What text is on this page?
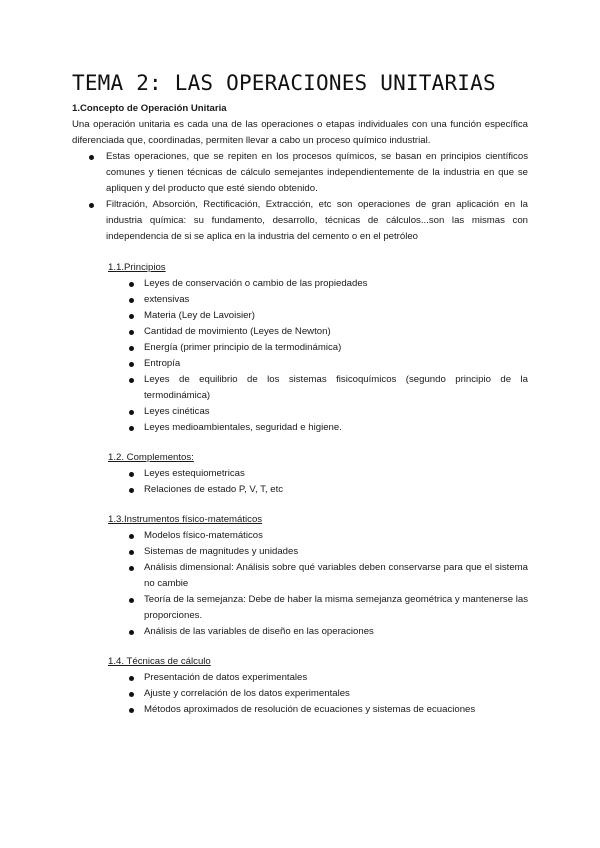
TEMA 2: LAS OPERACIONES UNITARIAS

1.Concepto de Operación Unitaria

Una operación unitaria es cada una de las operaciones o etapas individuales con una función específica diferenciada que, coordinadas, permiten llevar a cabo un proceso químico industrial.

Estas operaciones, que se repiten en los procesos químicos, se basan en principios científicos comunes y tienen técnicas de cálculo semejantes independientemente de la industria en que se apliquen y del producto que esté siendo obtenido.
Filtración, Absorción, Rectificación, Extracción, etc son operaciones de gran aplicación en la industria química: su fundamento, desarrollo, técnicas de cálculos...son las mismas con independencia de si se aplica en la industria del cemento o en el petróleo

1.1.Principios

Leyes de conservación o cambio de las propiedades
extensivas
Materia (Ley de Lavoisier)
Cantidad de movimiento (Leyes de Newton)
Energía (primer principio de la termodinámica)
Entropía
Leyes de equilibrio de los sistemas fisicoquímicos (segundo principio de la termodinámica)
Leyes cinéticas
Leyes medioambientales, seguridad e higiene.

1.2. Complementos:

Leyes estequiometricas
Relaciones de estado P, V, T, etc

1.3.Instrumentos físico-matemáticos

Modelos físico-matemáticos
Sistemas de magnitudes y unidades
Análisis dimensional: Análisis sobre qué variables deben conservarse para que el sistema no cambie
Teoría de la semejanza: Debe de haber la misma semejanza geométrica y mantenerse las proporciones.
Análisis de las variables de diseño en las operaciones

1.4. Técnicas de cálculo

Presentación de datos experimentales
Ajuste y correlación de los datos experimentales
Métodos aproximados de resolución de ecuaciones y sistemas de ecuaciones
